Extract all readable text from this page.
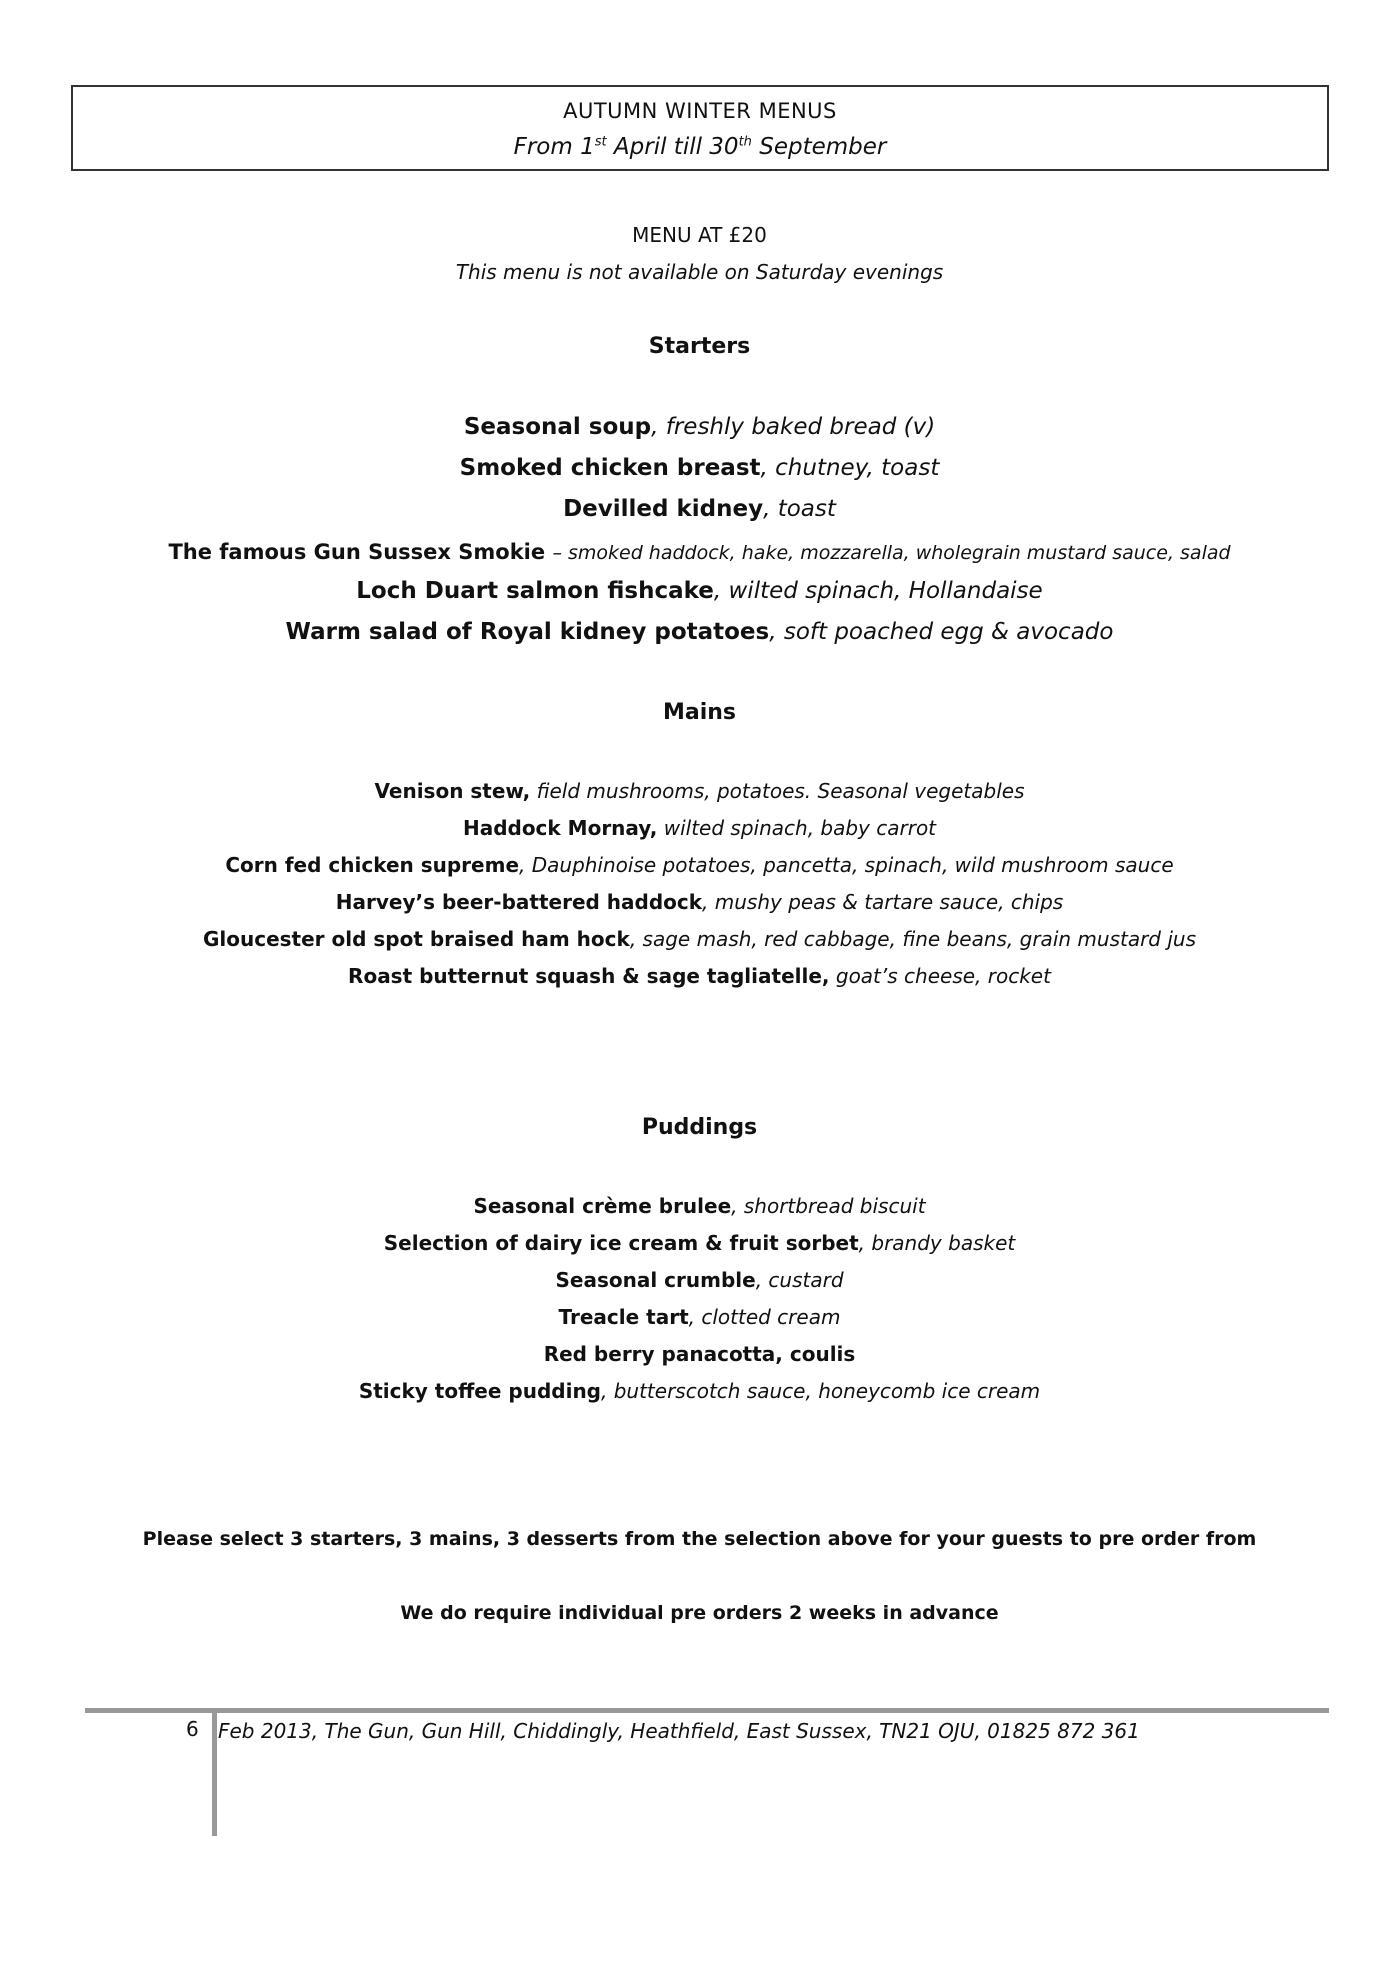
AUTUMN WINTER MENUS
From 1st April till 30th September
MENU AT £20
This menu is not available on Saturday evenings
Starters
Seasonal soup, freshly baked bread (v)
Smoked chicken breast, chutney, toast
Devilled kidney, toast
The famous Gun Sussex Smokie – smoked haddock, hake, mozzarella, wholegrain mustard sauce, salad
Loch Duart salmon fishcake, wilted spinach, Hollandaise
Warm salad of Royal kidney potatoes, soft poached egg & avocado
Mains
Venison stew, field mushrooms, potatoes. Seasonal vegetables
Haddock Mornay, wilted spinach, baby carrot
Corn fed chicken supreme, Dauphinoise potatoes, pancetta, spinach, wild mushroom sauce
Harvey’s beer-battered haddock, mushy peas & tartare sauce, chips
Gloucester old spot braised ham hock, sage mash, red cabbage, fine beans, grain mustard jus
Roast butternut squash & sage tagliatelle, goat’s cheese, rocket
Puddings
Seasonal crème brulee, shortbread biscuit
Selection of dairy ice cream & fruit sorbet, brandy basket
Seasonal crumble, custard
Treacle tart, clotted cream
Red berry panacotta, coulis
Sticky toffee pudding, butterscotch sauce, honeycomb ice cream
Please select 3 starters, 3 mains, 3 desserts from the selection above for your guests to pre order from
We do require individual pre orders 2 weeks in advance
6 Feb 2013, The Gun, Gun Hill, Chiddingly, Heathfield, East Sussex, TN21 OJU, 01825 872 361
